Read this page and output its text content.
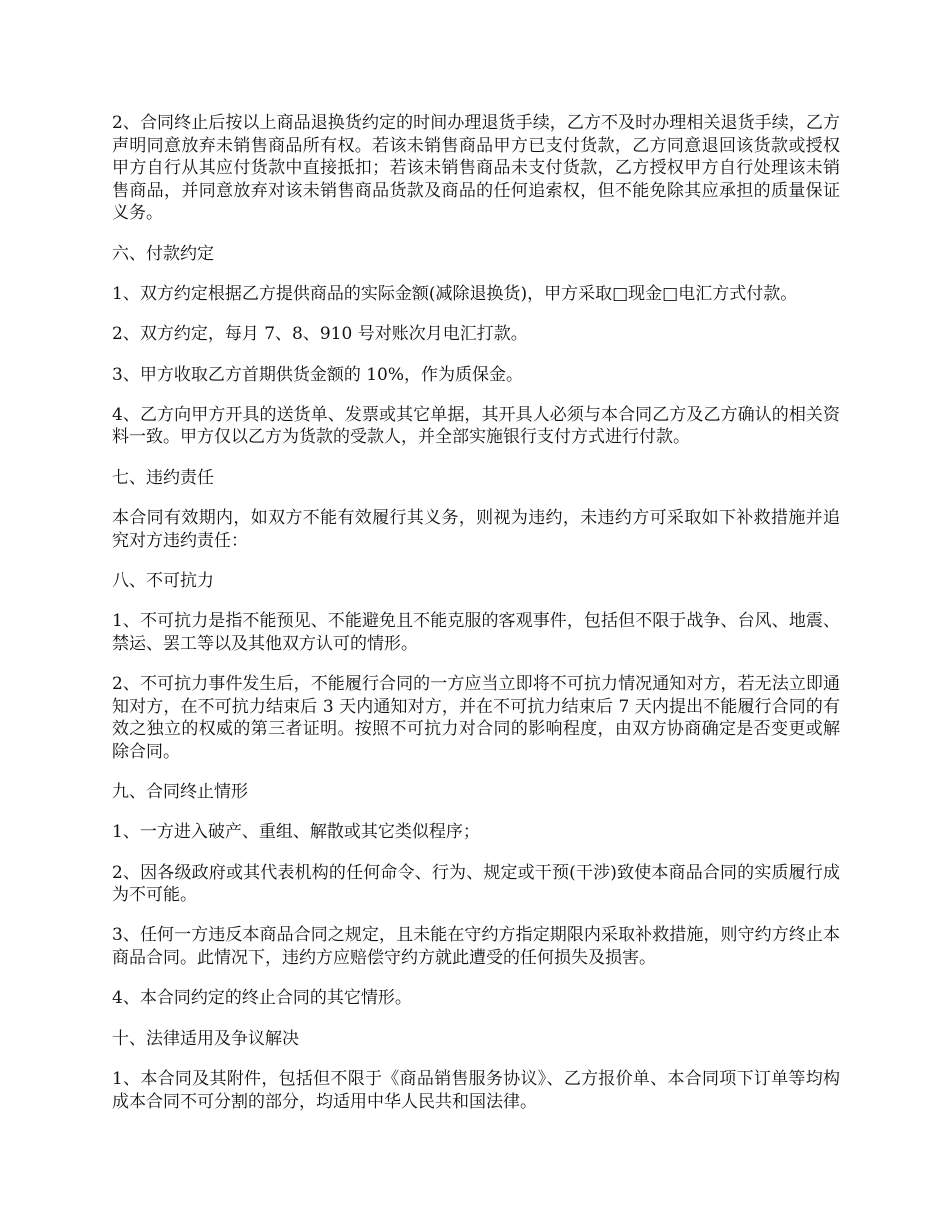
2、合同终止后按以上商品退换货约定的时间办理退货手续，乙方不及时办理相关退货手续，乙方声明同意放弃未销售商品所有权。若该未销售商品甲方已支付货款，乙方同意退回该货款或授权甲方自行从其应付货款中直接抵扣；若该未销售商品未支付货款，乙方授权甲方自行处理该未销售商品，并同意放弃对该未销售商品货款及商品的任何追索权，但不能免除其应承担的质量保证义务。

六、付款约定

1、双方约定根据乙方提供商品的实际金额(减除退换货)，甲方采取□现金□电汇方式付款。

2、双方约定，每月 7、8、910 号对账次月电汇打款。

3、甲方收取乙方首期供货金额的 10%，作为质保金。

4、乙方向甲方开具的送货单、发票或其它单据，其开具人必须与本合同乙方及乙方确认的相关资料一致。甲方仅以乙方为货款的受款人，并全部实施银行支付方式进行付款。

七、违约责任

本合同有效期内，如双方不能有效履行其义务，则视为违约，未违约方可采取如下补救措施并追究对方违约责任：

八、不可抗力

1、不可抗力是指不能预见、不能避免且不能克服的客观事件，包括但不限于战争、台风、地震、禁运、罢工等以及其他双方认可的情形。

2、不可抗力事件发生后，不能履行合同的一方应当立即将不可抗力情况通知对方，若无法立即通知对方，在不可抗力结束后 3 天内通知对方，并在不可抗力结束后 7 天内提出不能履行合同的有效之独立的权威的第三者证明。按照不可抗力对合同的影响程度，由双方协商确定是否变更或解除合同。

九、合同终止情形

1、一方进入破产、重组、解散或其它类似程序；

2、因各级政府或其代表机构的任何命令、行为、规定或干预(干涉)致使本商品合同的实质履行成为不可能。

3、任何一方违反本商品合同之规定，且未能在守约方指定期限内采取补救措施，则守约方终止本商品合同。此情况下，违约方应赔偿守约方就此遭受的任何损失及损害。

4、本合同约定的终止合同的其它情形。

十、法律适用及争议解决

1、本合同及其附件，包括但不限于《商品销售服务协议》、乙方报价单、本合同项下订单等均构成本合同不可分割的部分，均适用中华人民共和国法律。
